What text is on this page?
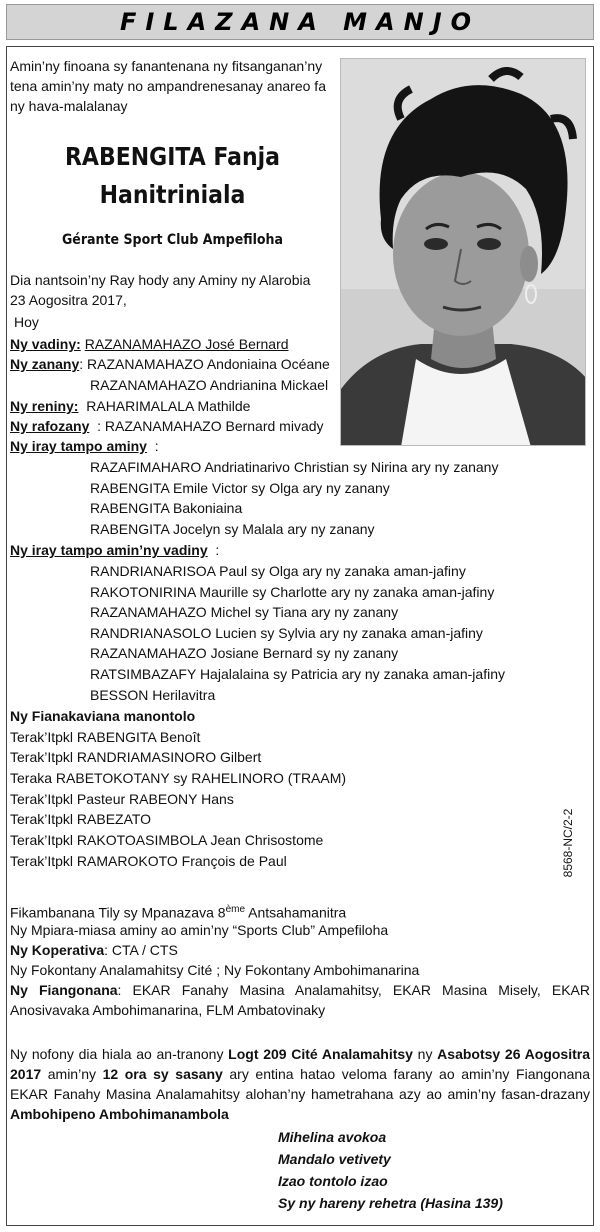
FILAZANA MANJO
Amin’ny finoana sy fanantenana ny fitsanganan’ny tena amin’ny maty no ampandrenesanay anareo fa ny hava-malalanay
RABENGITA Fanja
Hanitriniala
Gérante Sport Club Ampefiloha
Dia nantsoin’ny Ray hody any Aminy ny Alarobia
23 Aogositra 2017,
Hoy
Ny vadiny: RAZANAMAHAZO José Bernard
Ny zanany: RAZANAMAHAZO Andoniaina Océane
RAZANAMAHAZO Andrianina Mickael
Ny reniny: RAHARIMALALA Mathilde
Ny rafozany  : RAZANAMAHAZO Bernard mivady
Ny iray tampo aminy  :
RAZAFIMAHARO Andriatinarivo Christian sy Nirina ary ny zanany
RABENGITA Emile Victor sy Olga ary ny zanany
RABENGITA Bakoniaina
RABENGITA Jocelyn sy Malala ary ny zanany
Ny iray tampo amin’ny vadiny  :
RANDRIANARISOA Paul sy Olga ary ny zanaka aman-jafiny
RAKOTONIRINA Maurille sy Charlotte ary ny zanaka aman-jafiny
RAZANAMAHAZO Michel sy Tiana ary ny zanany
RANDRIANASOLO Lucien sy Sylvia ary ny zanaka aman-jafiny
RAZANAMAHAZO Josiane Bernard sy ny zanany
RATSIMBAZAFY Hajalalaina sy Patricia ary ny zanaka aman-jafiny
BESSON Herilavitra
Ny Fianakaviana manontolo
Terak’Itpkl RABENGITA Benoît
Terak’Itpkl RANDRIAMASINORO Gilbert
Teraka RABETOKOTANY sy RAHELINORO (TRAAM)
Terak’Itpkl Pasteur RABEONY Hans
Terak’Itpkl RABEZATO
Terak’Itpkl RAKOTOASIMBOLA Jean Chrisostome
Terak’Itpkl RAMAROKOTO François de Paul	8568-NC/2-2
Fikambanana Tily sy Mpanazava 8ème Antsahamanitra
Ny Mpiara-miasa aminy ao amin’ny “Sports Club” Ampefiloha
Ny Koperativa: CTA / CTS
Ny Fokontany Analamahitsy Cité ; Ny Fokontany Ambohimanarina
Ny Fiangonana: EKAR Fanahy Masina Analamahitsy, EKAR Masina Misely, EKAR Anosivavaka Ambohimanarina, FLM Ambatovinaky
Ny nofony dia hiala ao an-tranony Logt 209 Cité Analamahitsy ny Asabotsy 26 Aogositra 2017 amin’ny 12 ora sy sasany ary entina hatao veloma farany ao amin’ny Fiangonana EKAR Fanahy Masina Analamahitsy alohan’ny hametrahana azy ao amin’ny fasan-drazany Ambohipeno Ambohimanambola
Mihelina avokoa
Mandalo vetivety
Izao tontolo izao
Sy ny hareny rehetra (Hasina 139)
